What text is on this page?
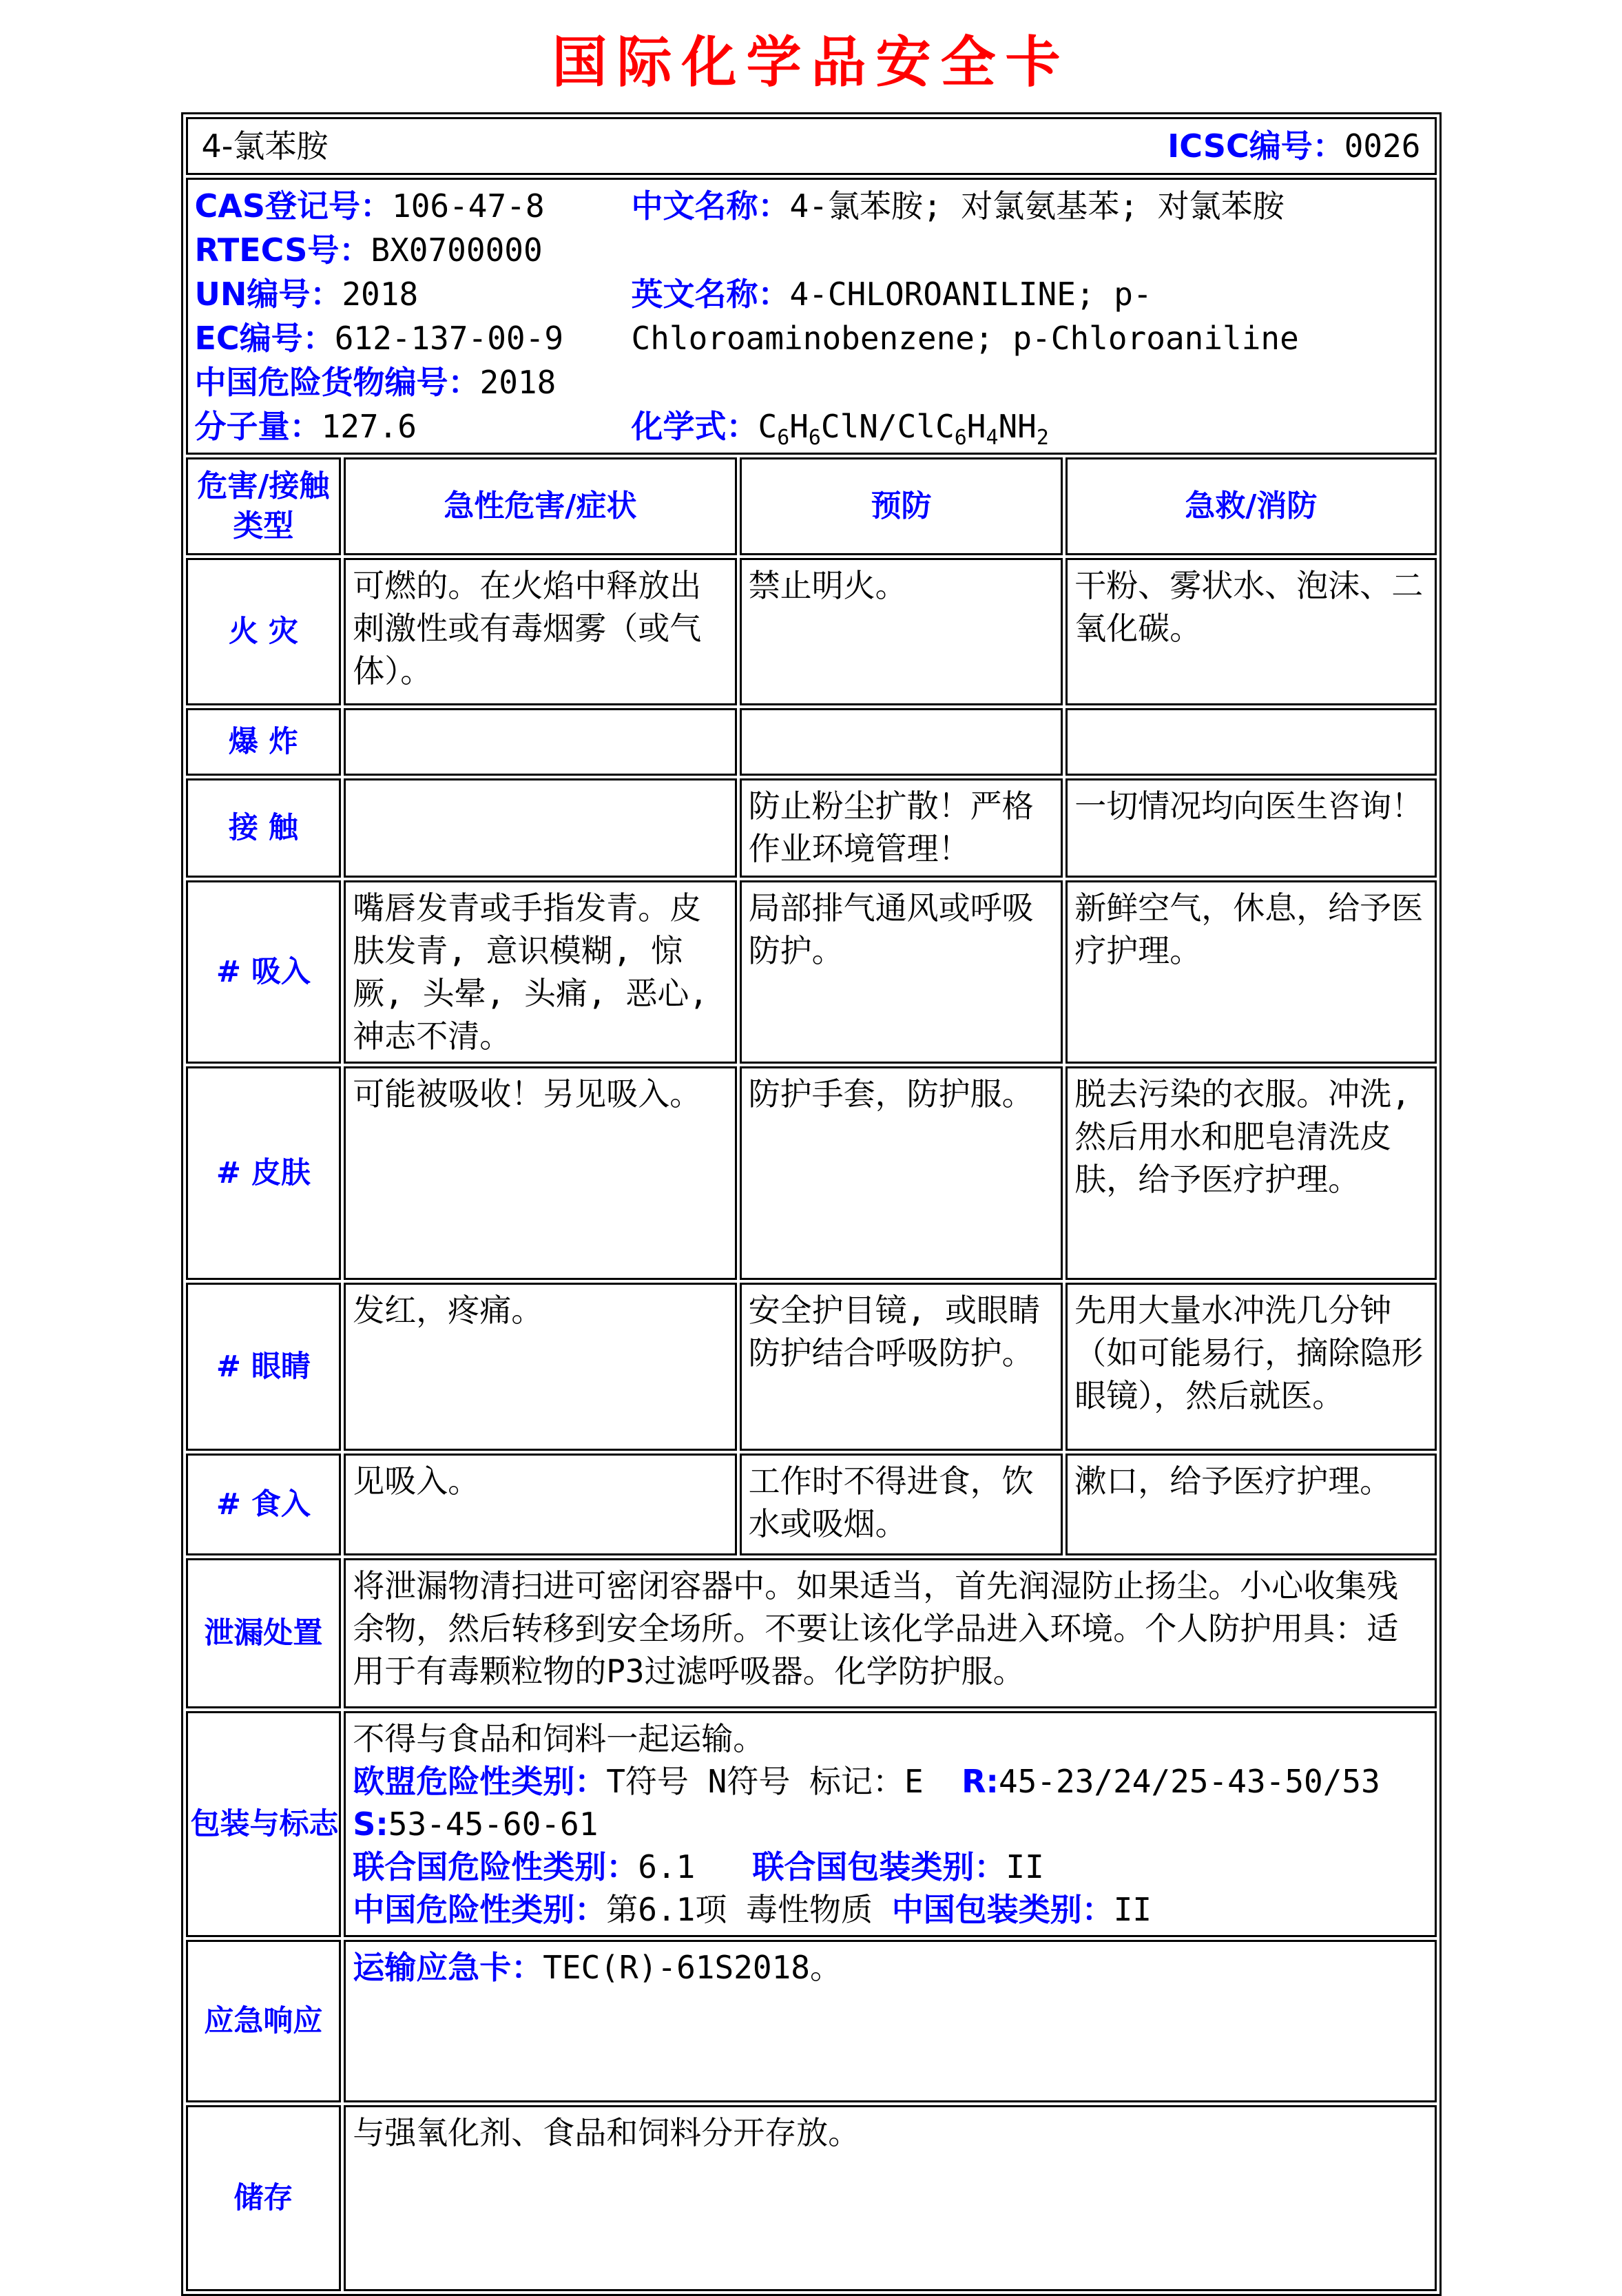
国际化学品安全卡
4-氯苯胺 ICSC编号：0026			

CAS登记号：106-47-8
RTECS号：BX0700000
UN编号：2018
EC编号：612-137-00-9
中国危险货物编号：2018
分子量：127.6
中文名称：4-氯苯胺; 对氯氨基苯; 对氯苯胺
英文名称：4-CHLOROANILINE; p-Chloroaminobenzene; p-Chloroaniline
化学式：$C_6H_6ClN/ClC_6H_4NH_2$

危害/接触
类型	急性危害/症状	预防	急救/消防
火 灾	可燃的。在火焰中释放出刺激性或有毒烟雾（或气体）。	禁止明火。	干粉、雾状水、泡沫、二氧化碳。
爆 炸			
接 触		防止粉尘扩散！严格作业环境管理！	一切情况均向医生咨询！
# 吸入	嘴唇发青或手指发青。皮肤发青, 意识模糊, 惊厥, 头晕, 头痛, 恶心, 神志不清。	局部排气通风或呼吸防护。	新鲜空气，休息，给予医疗护理。
# 皮肤	可能被吸收！另见吸入。	防护手套，防护服。	脱去污染的衣服。冲洗, 然后用水和肥皂清洗皮肤，给予医疗护理。
# 眼睛	发红，疼痛。	安全护目镜, 或眼睛防护结合呼吸防护。	先用大量水冲洗几分钟（如可能易行，摘除隐形眼镜），然后就医。
# 食入	见吸入。	工作时不得进食，饮水或吸烟。	漱口，给予医疗护理。
泄漏处置	将泄漏物清扫进可密闭容器中。如果适当，首先润湿防止扬尘。小心收集残余物，然后转移到安全场所。不要让该化学品进入环境。个人防护用具：适用于有毒颗粒物的P3过滤呼吸器。化学防护服。		

包装与标志	不得与食品和饲料一起运输。
欧盟危险性类别：T符号 N符号 标记：E  R:45-23/24/25-43-50/53
S:53-45-60-61
联合国危险性类别：6.1   联合国包装类别：II
中国危险性类别：第6.1项 毒性物质 中国包装类别：II		

应急响应	运输应急卡：TEC(R)-61S2018。		

储存	与强氧化剂、食品和饲料分开存放。		
